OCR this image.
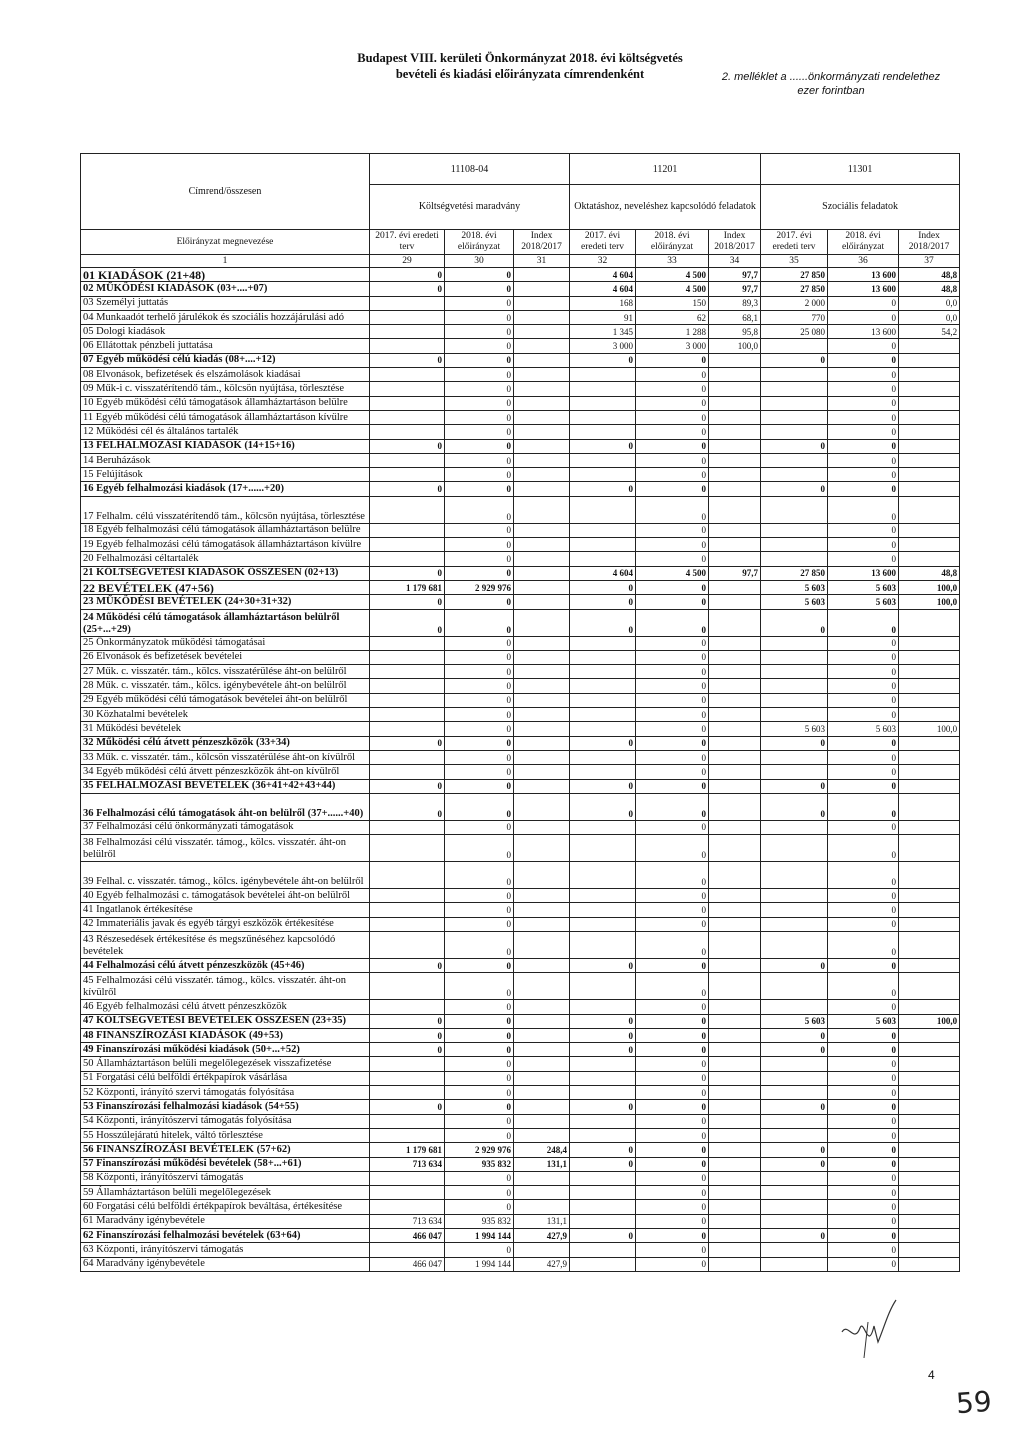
Budapest VIII. kerületi Önkormányzat 2018. évi költségvetés
bevételi és kiadási előirányzata címrendenként	2. melléklet a ......önkormányzati rendelethez
ezer forintban
Címrend/összesen	11108-04			11201			11301		
	Költségvetési maradvány			Oktatáshoz, neveléshez kapcsolódó feladatok			Szociális feladatok		
Előirányzat megnevezése	2017. évi eredeti terv	2018. évi előirányzat	Index 2018/2017	2017. évi eredeti terv	2018. évi előirányzat	Index 2018/2017	2017. évi eredeti terv	2018. évi előirányzat	Index 2018/2017
1	29	30	31	32	33	34	35	36	37
01 KIADÁSOK (21+48)	0	0		4 604	4 500	97,7	27 850	13 600	48,8
02 MŰKÖDÉSI KIADÁSOK (03+....+07)	0	0		4 604	4 500	97,7	27 850	13 600	48,8
03 Személyi juttatás		0		168	150	89,3	2 000	0	0,0
04 Munkaadót terhelő járulékok és szociális hozzájárulási adó		0		91	62	68,1	770	0	0,0
05 Dologi kiadások		0		1 345	1 288	95,8	25 080	13 600	54,2
06 Ellátottak pénzbeli juttatása		0		3 000	3 000	100,0		0	
07 Egyéb működési célú kiadás (08+....+12)	0	0		0	0		0	0	
08 Elvonások, befizetések és elszámolások kiadásai		0			0			0	
09 Műk-i c. visszatérítendő tám., kölcsön nyújtása, törlesztése		0			0			0	
10 Egyéb működési célú támogatások államháztartáson belülre		0			0			0	
11 Egyéb működési célú támogatások államháztartáson kívülre		0			0			0	
12 Működési cél és általános tartalék		0			0			0	
13 FELHALMOZÁSI KIADÁSOK (14+15+16)	0	0		0	0		0	0	
14 Beruházások		0			0			0	
15 Felújítások		0			0			0	
16 Egyéb felhalmozási kiadások (17+......+20)	0	0		0	0		0	0	
17 Felhalm. célú visszatérítendő tám., kölcsön nyújtása, törlesztése		0			0			0	
18 Egyéb felhalmozási célú támogatások államháztartáson belülre		0			0			0	
19 Egyéb felhalmozási célú támogatások államháztartáson kívülre		0			0			0	
20 Felhalmozási céltartalék		0			0			0	
21 KÖLTSÉGVETÉSI KIADÁSOK ÖSSZESEN (02+13)	0	0		4 604	4 500	97,7	27 850	13 600	48,8
22 BEVÉTELEK (47+56)	1 179 681	2 929 976		0	0		5 603	5 603	100,0
23 MŰKÖDÉSI BEVÉTELEK (24+30+31+32)	0	0		0	0		5 603	5 603	100,0
24 Működési célú támogatások államháztartáson belülről (25+...+29)	0	0		0	0		0	0	
25 Önkormányzatok működési támogatásai		0			0			0	
26 Elvonások és befizetések bevételei		0			0			0	
27 Műk. c. visszatér. tám., kölcs. visszatérülése áht-on belülről		0			0			0	
28 Műk. c. visszatér. tám., kölcs. igénybevétele áht-on belülről		0			0			0	
29 Egyéb működési célú támogatások bevételei áht-on belülről		0			0			0	
30 Közhatalmi bevételek		0			0			0	
31 Működési bevételek		0			0		5 603	5 603	100,0
32 Működési célú átvett pénzeszközök (33+34)	0	0		0	0		0	0	
33 Műk. c. visszatér. tám., kölcsön visszatérülése áht-on kívülről		0			0			0	
34 Egyéb működési célú átvett pénzeszközök áht-on kívülről		0			0			0	
35 FELHALMOZÁSI BEVÉTELEK (36+41+42+43+44)	0	0		0	0		0	0	
36 Felhalmozási célú támogatások áht-on belülről (37+......+40)	0	0		0	0		0	0	
37 Felhalmozási célú önkormányzati támogatások		0			0			0	
38 Felhalmozási célú visszatér. támog., kölcs. visszatér. áht-on belülről		0			0			0	
39 Felhal. c. visszatér. támog., kölcs. igénybevétele áht-on belülről		0			0			0	
40 Egyéb felhalmozási c. támogatások bevételei áht-on belülről		0			0			0	
41 Ingatlanok értékesítése		0			0			0	
42 Immateriális javak és egyéb tárgyi eszközök értékesítése		0			0			0	
43 Részesedések értékesítése és megszűnéséhez kapcsolódó bevételek		0			0			0	
44 Felhalmozási célú átvett pénzeszközök (45+46)	0	0		0	0		0	0	
45 Felhalmozási célú visszatér. támog., kölcs. visszatér. áht-on kívülről		0			0			0	
46 Egyéb felhalmozási célú átvett pénzeszközök		0			0			0	
47 KÖLTSÉGVETÉSI BEVÉTELEK ÖSSZESEN (23+35)	0	0		0	0		5 603	5 603	100,0
48 FINANSZÍROZÁSI KIADÁSOK (49+53)	0	0		0	0		0	0	
49 Finanszírozási működési kiadások (50+...+52)	0	0		0	0		0	0	
50 Államháztartáson belüli megelőlegezések visszafizetése		0			0			0	
51 Forgatási célú belföldi értékpapírok vásárlása		0			0			0	
52 Központi, irányító szervi támogatás folyósítása		0			0			0	
53 Finanszírozási felhalmozási kiadások (54+55)	0	0		0	0		0	0	
54 Központi, irányítószervi támogatás folyósítása		0			0			0	
55 Hosszúlejáratú hitelek, váltó törlesztése		0			0			0	
56 FINANSZÍROZÁSI BEVÉTELEK (57+62)	1 179 681	2 929 976	248,4	0	0		0	0	
57 Finanszírozási működési bevételek (58+...+61)	713 634	935 832	131,1	0	0		0	0	
58 Központi, irányítószervi támogatás		0			0			0	
59 Államháztartáson belüli megelőlegezések		0			0			0	
60 Forgatási célú belföldi értékpapírok beváltása, értékesítése		0			0			0	
61 Maradvány igénybevétele	713 634	935 832	131,1		0			0	
62 Finanszírozási felhalmozási bevételek (63+64)	466 047	1 994 144	427,9	0	0		0	0	
63 Központi, irányítószervi támogatás		0			0			0	
64 Maradvány igénybevétele	466 047	1 994 144	427,9		0			0	
4
59
